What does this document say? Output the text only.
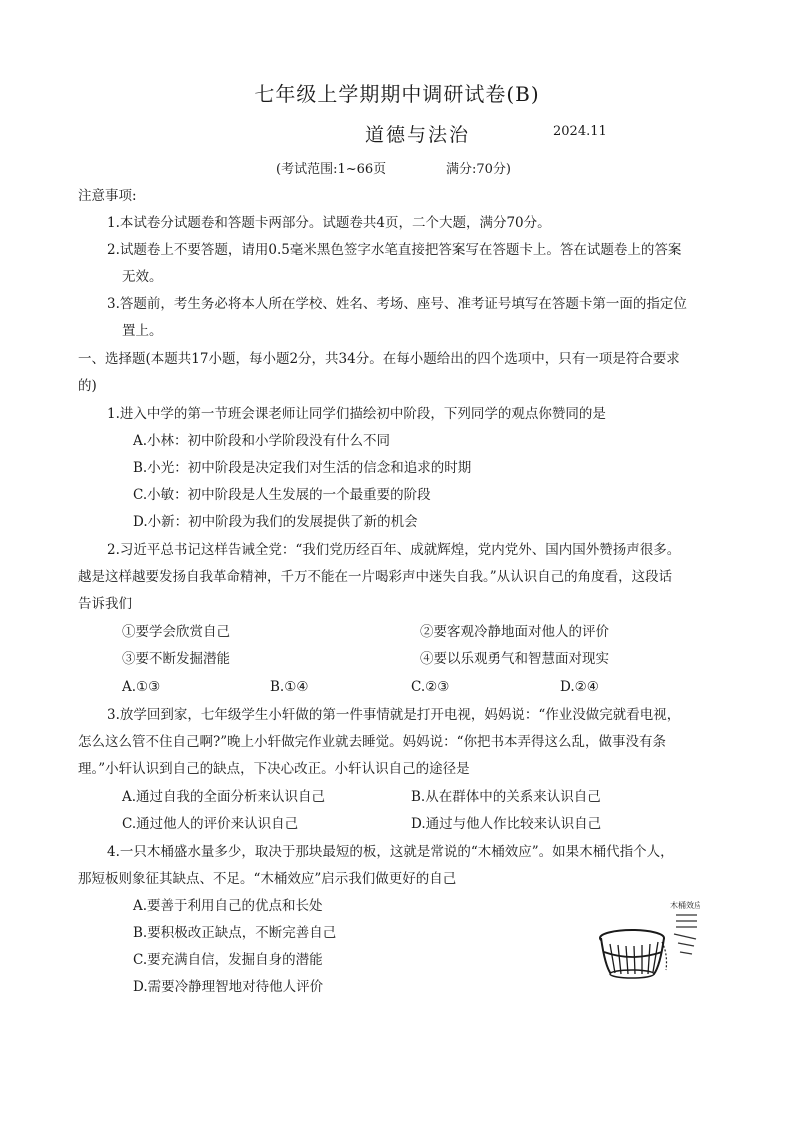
七年级上学期期中调研试卷(B)
道德与法治	2024.11
(考试范围:1~66页	满分:70分)
注意事项:
1.本试卷分试题卷和答题卡两部分。试题卷共4页，二个大题，满分70分。
2.试题卷上不要答题，请用0.5毫米黑色签字水笔直接把答案写在答题卡上。答在试题卷上的答案
无效。
3.答题前，考生务必将本人所在学校、姓名、考场、座号、准考证号填写在答题卡第一面的指定位
置上。
一、选择题(本题共17小题，每小题2分，共34分。在每小题给出的四个选项中，只有一项是符合要求
的)
1.进入中学的第一节班会课老师让同学们描绘初中阶段，下列同学的观点你赞同的是
A.小林：初中阶段和小学阶段没有什么不同
B.小光：初中阶段是决定我们对生活的信念和追求的时期
C.小敏：初中阶段是人生发展的一个最重要的阶段
D.小新：初中阶段为我们的发展提供了新的机会
2.习近平总书记这样告诫全党：“我们党历经百年、成就辉煌，党内党外、国内国外赞扬声很多。
越是这样越要发扬自我革命精神，千万不能在一片喝彩声中迷失自我。”从认识自己的角度看，这段话
告诉我们
①要学会欣赏自己	②要客观冷静地面对他人的评价
③要不断发掘潜能	④要以乐观勇气和智慧面对现实
A.①③	B.①④	C.②③	D.②④
3.放学回到家，七年级学生小轩做的第一件事情就是打开电视，妈妈说：“作业没做完就看电视，
怎么这么管不住自己啊?”晚上小轩做完作业就去睡觉。妈妈说：“你把书本弄得这么乱，做事没有条
理。”小轩认识到自己的缺点，下决心改正。小轩认识自己的途径是
A.通过自我的全面分析来认识自己	B.从在群体中的关系来认识自己
C.通过他人的评价来认识自己	D.通过与他人作比较来认识自己
4.一只木桶盛水量多少，取决于那块最短的板，这就是常说的“木桶效应”。如果木桶代指个人，
那短板则象征其缺点、不足。“木桶效应”启示我们做更好的自己
A.要善于利用自己的优点和长处
B.要积极改正缺点，不断完善自己
C.要充满自信，发掘自身的潜能
D.需要冷静理智地对待他人评价
木桶效应
